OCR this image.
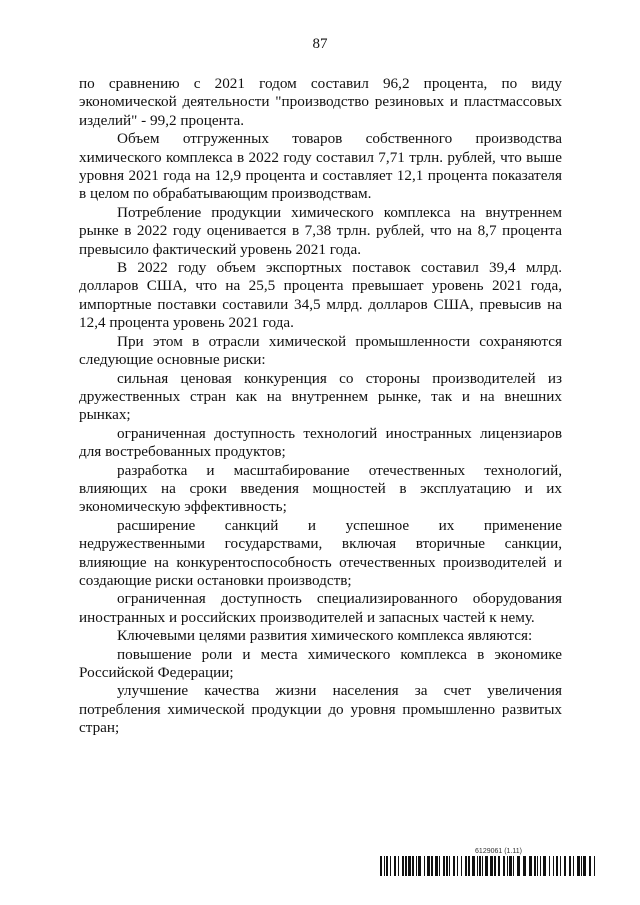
87

по сравнению с 2021 годом составил 96,2 процента, по виду экономической деятельности "производство резиновых и пластмассовых изделий" - 99,2 процента.

Объем отгруженных товаров собственного производства химического комплекса в 2022 году составил 7,71 трлн. рублей, что выше уровня 2021 года на 12,9 процента и составляет 12,1 процента показателя в целом по обрабатывающим производствам.

Потребление продукции химического комплекса на внутреннем рынке в 2022 году оценивается в 7,38 трлн. рублей, что на 8,7 процента превысило фактический уровень 2021 года.

В 2022 году объем экспортных поставок составил 39,4 млрд. долларов США, что на 25,5 процента превышает уровень 2021 года, импортные поставки составили 34,5 млрд. долларов США, превысив на 12,4 процента уровень 2021 года.

При этом в отрасли химической промышленности сохраняются следующие основные риски:

сильная ценовая конкуренция со стороны производителей из дружественных стран как на внутреннем рынке, так и на внешних рынках;

ограниченная доступность технологий иностранных лицензиаров для востребованных продуктов;

разработка и масштабирование отечественных технологий, влияющих на сроки введения мощностей в эксплуатацию и их экономическую эффективность;

расширение санкций и успешное их применение недружественными государствами, включая вторичные санкции, влияющие на конкурентоспособность отечественных производителей и создающие риски остановки производств;

ограниченная доступность специализированного оборудования иностранных и российских производителей и запасных частей к нему.

Ключевыми целями развития химического комплекса являются:

повышение роли и места химического комплекса в экономике Российской Федерации;

улучшение качества жизни населения за счет увеличения потребления химической продукции до уровня промышленно развитых стран;

6129061 (1.11)
